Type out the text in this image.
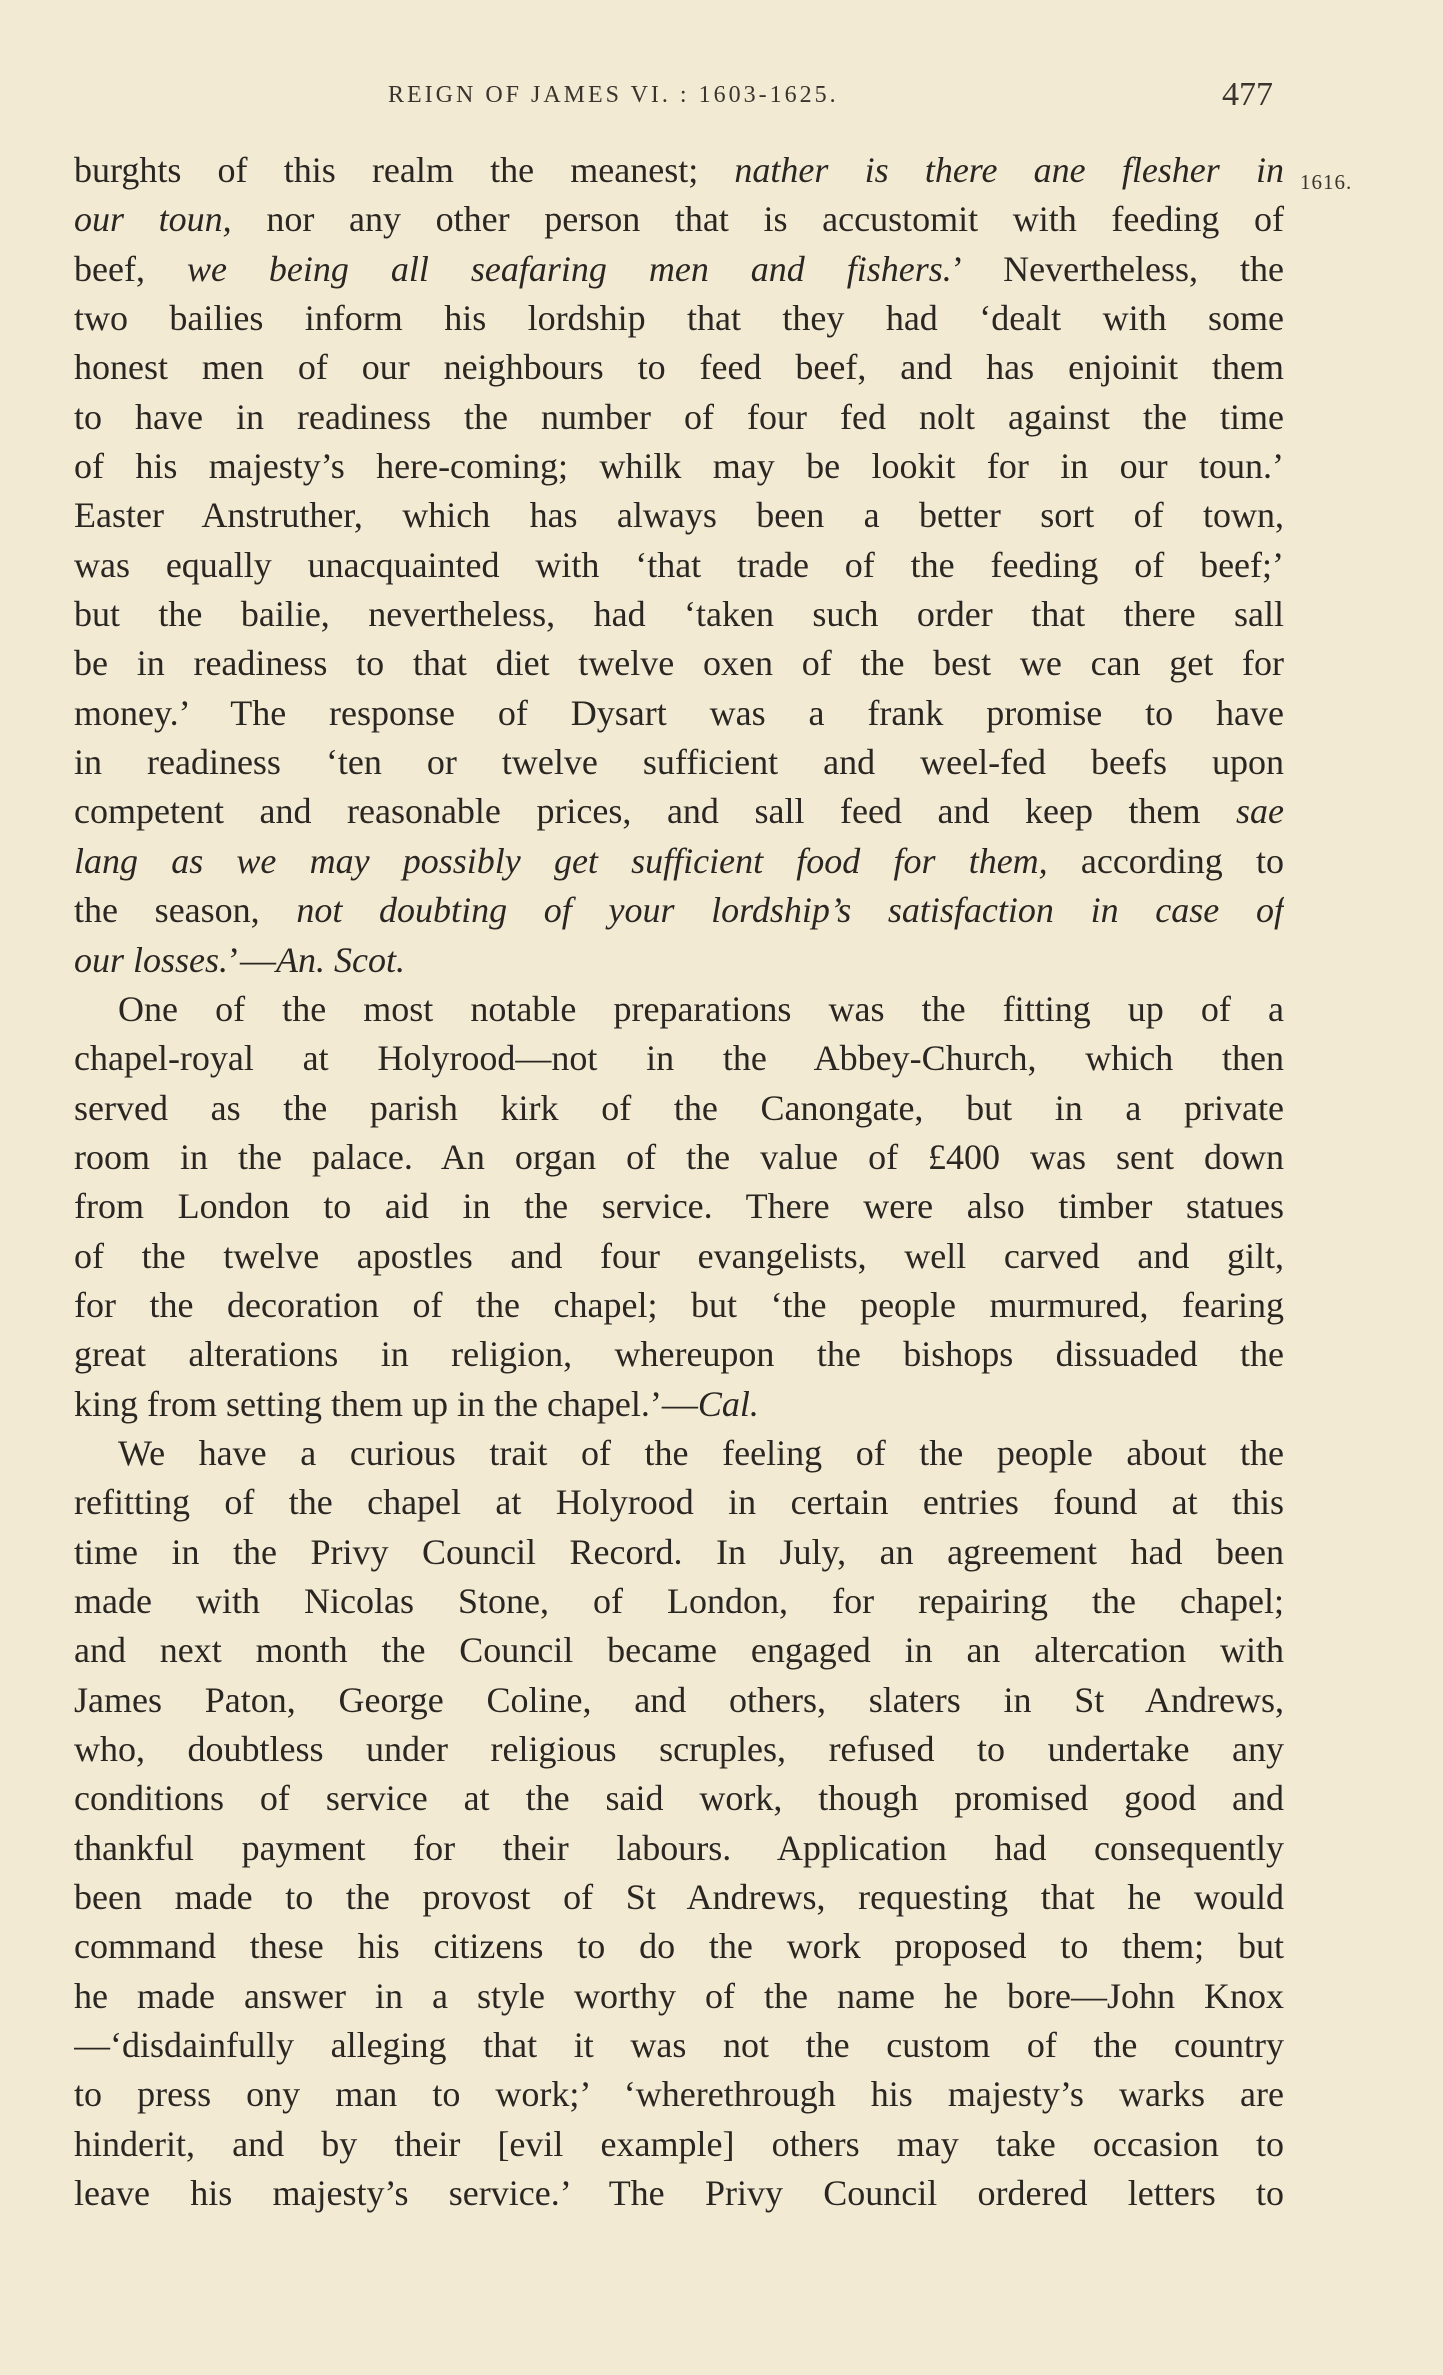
REIGN OF JAMES VI. : 1603-1625.	477
1616.
burghts of this realm the meanest; nather is there ane flesher in
our toun, nor any other person that is accustomit with feeding of
beef, we being all seafaring men and fishers.’ Nevertheless, the
two bailies inform his lordship that they had ‘dealt with some
honest men of our neighbours to feed beef, and has enjoinit them
to have in readiness the number of four fed nolt against the time
of his majesty’s here-coming; whilk may be lookit for in our toun.’
Easter Anstruther, which has always been a better sort of town,
was equally unacquainted with ‘that trade of the feeding of beef;’
but the bailie, nevertheless, had ‘taken such order that there sall
be in readiness to that diet twelve oxen of the best we can get for
money.’ The response of Dysart was a frank promise to have
in readiness ‘ten or twelve sufficient and weel-fed beefs upon
competent and reasonable prices, and sall feed and keep them sae
lang as we may possibly get sufficient food for them, according to
the season, not doubting of your lordship’s satisfaction in case of
our losses.’—An. Scot.
One of the most notable preparations was the fitting up of a
chapel-royal at Holyrood—not in the Abbey-Church, which then
served as the parish kirk of the Canongate, but in a private
room in the palace. An organ of the value of £400 was sent down
from London to aid in the service. There were also timber statues
of the twelve apostles and four evangelists, well carved and gilt,
for the decoration of the chapel; but ‘the people murmured, fearing
great alterations in religion, whereupon the bishops dissuaded the
king from setting them up in the chapel.’—Cal.
We have a curious trait of the feeling of the people about the
refitting of the chapel at Holyrood in certain entries found at this
time in the Privy Council Record. In July, an agreement had been
made with Nicolas Stone, of London, for repairing the chapel;
and next month the Council became engaged in an altercation with
James Paton, George Coline, and others, slaters in St Andrews,
who, doubtless under religious scruples, refused to undertake any
conditions of service at the said work, though promised good and
thankful payment for their labours. Application had consequently
been made to the provost of St Andrews, requesting that he would
command these his citizens to do the work proposed to them; but
he made answer in a style worthy of the name he bore—John Knox
—‘disdainfully alleging that it was not the custom of the country
to press ony man to work;’ ‘wherethrough his majesty’s warks are
hinderit, and by their [evil example] others may take occasion to
leave his majesty’s service.’ The Privy Council ordered letters to
